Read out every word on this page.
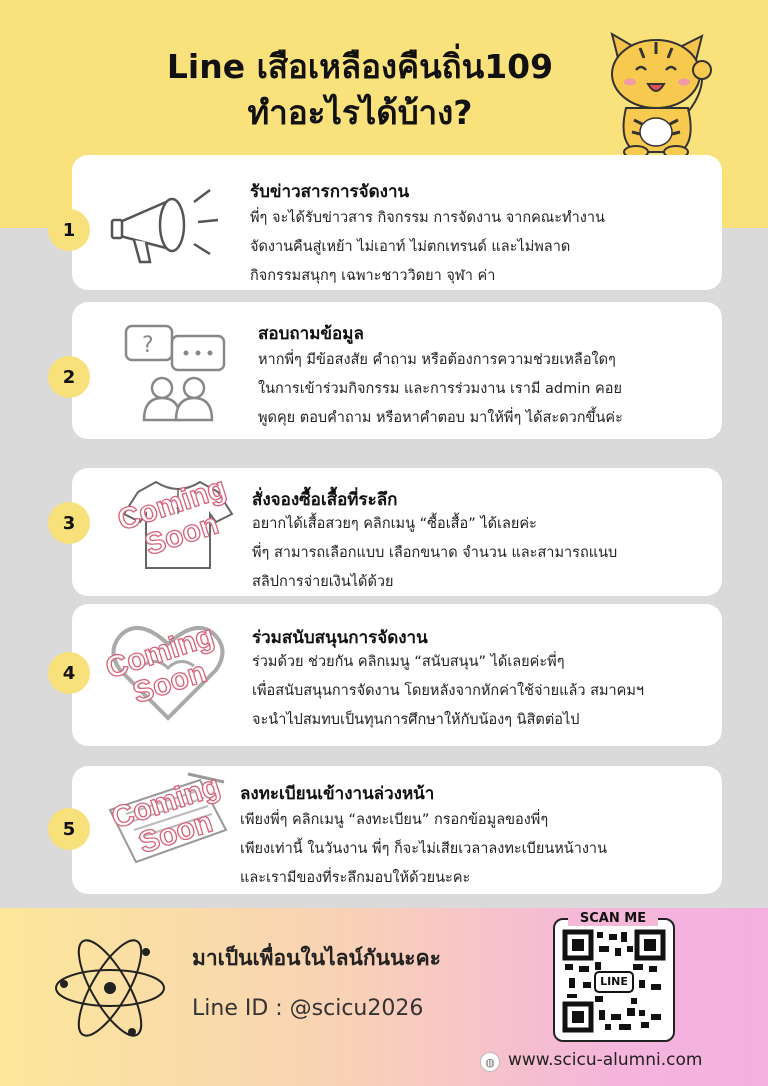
Line เสือเหลืองคืนถิ่น109
ทำอะไรได้บ้าง?
1
รับข่าวสารการจัดงาน
พี่ๆ จะได้รับข่าวสาร กิจกรรม การจัดงาน จากคณะทำงาน
จัดงานคืนสู่เหย้า ไม่เอาท์ ไม่ตกเทรนด์ และไม่พลาด
กิจกรรมสนุกๆ เฉพาะชาววิดยา จุฬา ค่า
2
?	สอบถามข้อมูล
หากพี่ๆ มีข้อสงสัย คำถาม หรือต้องการความช่วยเหลือใดๆ
ในการเข้าร่วมกิจกรรม และการร่วมงาน เรามี admin คอย
พูดคุย ตอบคำถาม หรือหาคำตอบ มาให้พี่ๆ ได้สะดวกขึ้นค่ะ
3	Coming Soon
สั่งจองซื้อเสื้อที่ระลึก
อยากได้เสื้อสวยๆ คลิกเมนู “ซื้อเสื้อ” ได้เลยค่ะ
พี่ๆ สามารถเลือกแบบ เลือกขนาด จำนวน และสามารถแนบ
สลิปการจ่ายเงินได้ด้วย
4 Coming Soon
ร่วมสนับสนุนการจัดงาน
ร่วมด้วย ช่วยกัน คลิกเมนู “สนับสนุน” ได้เลยค่ะพี่ๆ
เพื่อสนับสนุนการจัดงาน โดยหลังจากหักค่าใช้จ่ายแล้ว สมาคมฯ
จะนำไปสมทบเป็นทุนการศึกษาให้กับน้องๆ นิสิตต่อไป
5	Coming Soon
ลงทะเบียนเข้างานล่วงหน้า
เพียงพี่ๆ คลิกเมนู “ลงทะเบียน” กรอกข้อมูลของพี่ๆ
เพียงเท่านี้ ในวันงาน พี่ๆ ก็จะไม่เสียเวลาลงทะเบียนหน้างาน
และเรามีของที่ระลึกมอบให้ด้วยนะคะ
มาเป็นเพื่อนในไลน์กันนะคะ
Line ID : @scicu2026
LINE
SCAN ME
◍ www.scicu-alumni.com
